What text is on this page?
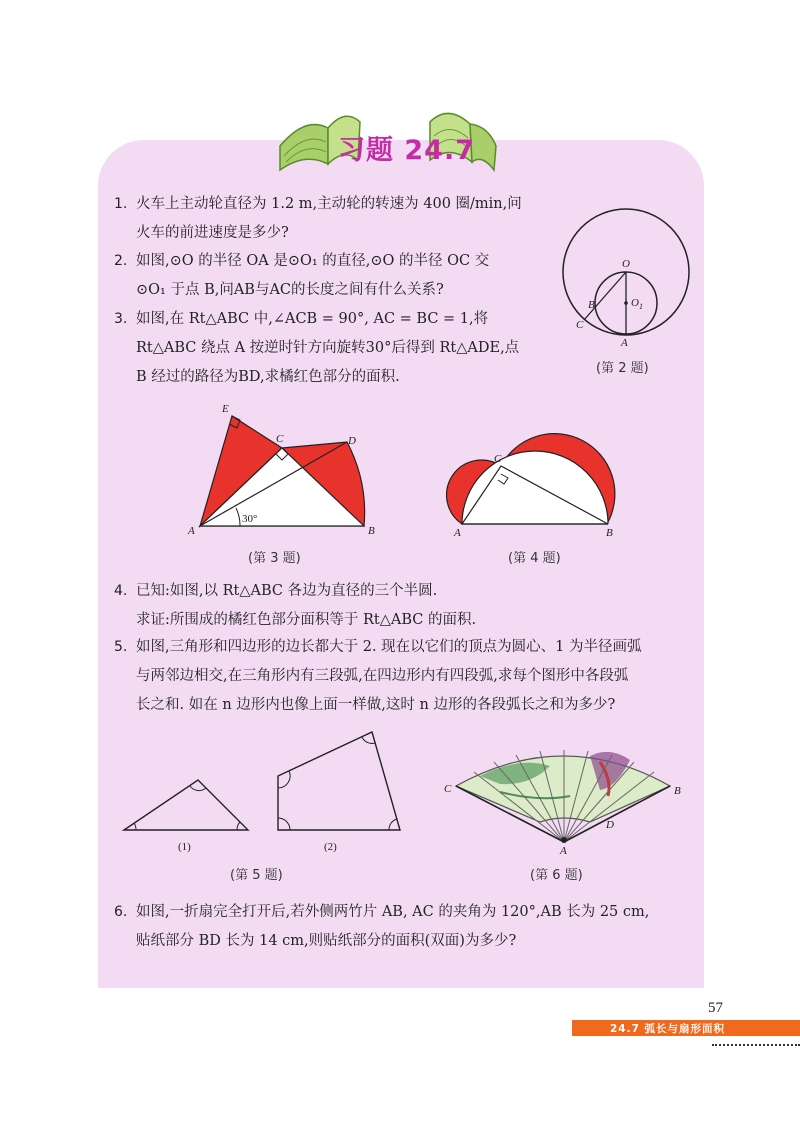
习题 24.7
1. 火车上主动轮直径为 1.2 m,主动轮的转速为 400 圈/min,问
火车的前进速度是多少?
2. 如图,⊙O 的半径 OA 是⊙O₁ 的直径,⊙O 的半径 OC 交
⊙O₁ 于点 B,问AB与AC的长度之间有什么关系?
3. 如图,在 Rt△ABC 中,∠ACB = 90°, AC = BC = 1,将
Rt△ABC 绕点 A 按逆时针方向旋转30°后得到 Rt△ADE,点
B 经过的路径为BD,求橘红色部分的面积.
O
$O_1$
B
C
A
(第 2 题)
E
C	D
A	B
30°
(第 3 题)
C
A	B
(第 4 题)
4. 已知:如图,以 Rt△ABC 各边为直径的三个半圆.
求证:所围成的橘红色部分面积等于 Rt△ABC 的面积.
5. 如图,三角形和四边形的边长都大于 2. 现在以它们的顶点为圆心、1 为半径画弧
与两邻边相交,在三角形内有三段弧,在四边形内有四段弧,求每个图形中各段弧
长之和. 如在 n 边形内也像上面一样做,这时 n 边形的各段弧长之和为多少?
(1)	(2)
(第 5 题)
C	B
D
A
(第 6 题)
6. 如图,一折扇完全打开后,若外侧两竹片 AB, AC 的夹角为 120°,AB 长为 25 cm,
贴纸部分 BD 长为 14 cm,则贴纸部分的面积(双面)为多少?
57
24.7 弧长与扇形面积
